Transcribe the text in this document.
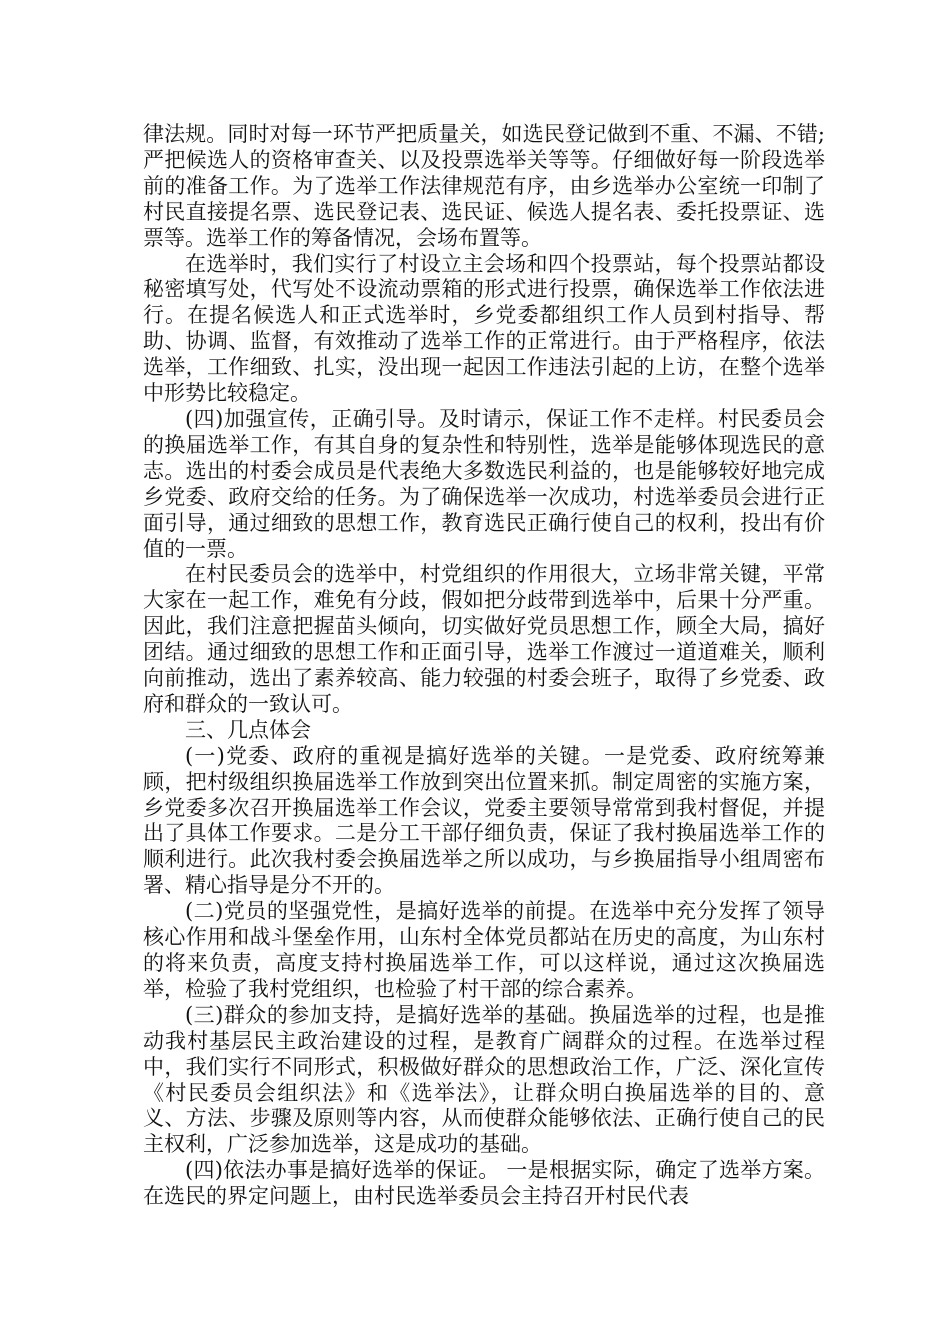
律法规。同时对每一环节严把质量关，如选民登记做到不重、不漏、不错;严把候选人的资格审查关、以及投票选举关等等。仔细做好每一阶段选举前的准备工作。为了选举工作法律规范有序，由乡选举办公室统一印制了村民直接提名票、选民登记表、选民证、候选人提名表、委托投票证、选票等。选举工作的筹备情况，会场布置等。

在选举时，我们实行了村设立主会场和四个投票站，每个投票站都设秘密填写处，代写处不设流动票箱的形式进行投票，确保选举工作依法进行。在提名候选人和正式选举时，乡党委都组织工作人员到村指导、帮助、协调、监督，有效推动了选举工作的正常进行。由于严格程序，依法选举，工作细致、扎实，没出现一起因工作违法引起的上访，在整个选举中形势比较稳定。

(四)加强宣传，正确引导。及时请示，保证工作不走样。村民委员会的换届选举工作，有其自身的复杂性和特别性，选举是能够体现选民的意志。选出的村委会成员是代表绝大多数选民利益的，也是能够较好地完成乡党委、政府交给的任务。为了确保选举一次成功，村选举委员会进行正面引导，通过细致的思想工作，教育选民正确行使自己的权利，投出有价值的一票。

在村民委员会的选举中，村党组织的作用很大，立场非常关键，平常大家在一起工作，难免有分歧，假如把分歧带到选举中，后果十分严重。因此，我们注意把握苗头倾向，切实做好党员思想工作，顾全大局，搞好团结。通过细致的思想工作和正面引导，选举工作渡过一道道难关，顺利向前推动，选出了素养较高、能力较强的村委会班子，取得了乡党委、政府和群众的一致认可。

三、几点体会

(一)党委、政府的重视是搞好选举的关键。一是党委、政府统筹兼顾，把村级组织换届选举工作放到突出位置来抓。制定周密的实施方案，乡党委多次召开换届选举工作会议，党委主要领导常常到我村督促，并提出了具体工作要求。二是分工干部仔细负责，保证了我村换届选举工作的顺利进行。此次我村委会换届选举之所以成功，与乡换届指导小组周密布署、精心指导是分不开的。

(二)党员的坚强党性，是搞好选举的前提。在选举中充分发挥了领导核心作用和战斗堡垒作用，山东村全体党员都站在历史的高度，为山东村的将来负责，高度支持村换届选举工作，可以这样说，通过这次换届选举，检验了我村党组织，也检验了村干部的综合素养。

(三)群众的参加支持，是搞好选举的基础。换届选举的过程，也是推动我村基层民主政治建设的过程，是教育广阔群众的过程。在选举过程中，我们实行不同形式，积极做好群众的思想政治工作，广泛、深化宣传《村民委员会组织法》和《选举法》，让群众明白换届选举的目的、意义、方法、步骤及原则等内容，从而使群众能够依法、正确行使自己的民主权利，广泛参加选举，这是成功的基础。

(四)依法办事是搞好选举的保证。 一是根据实际，确定了选举方案。在选民的界定问题上，由村民选举委员会主持召开村民代表
